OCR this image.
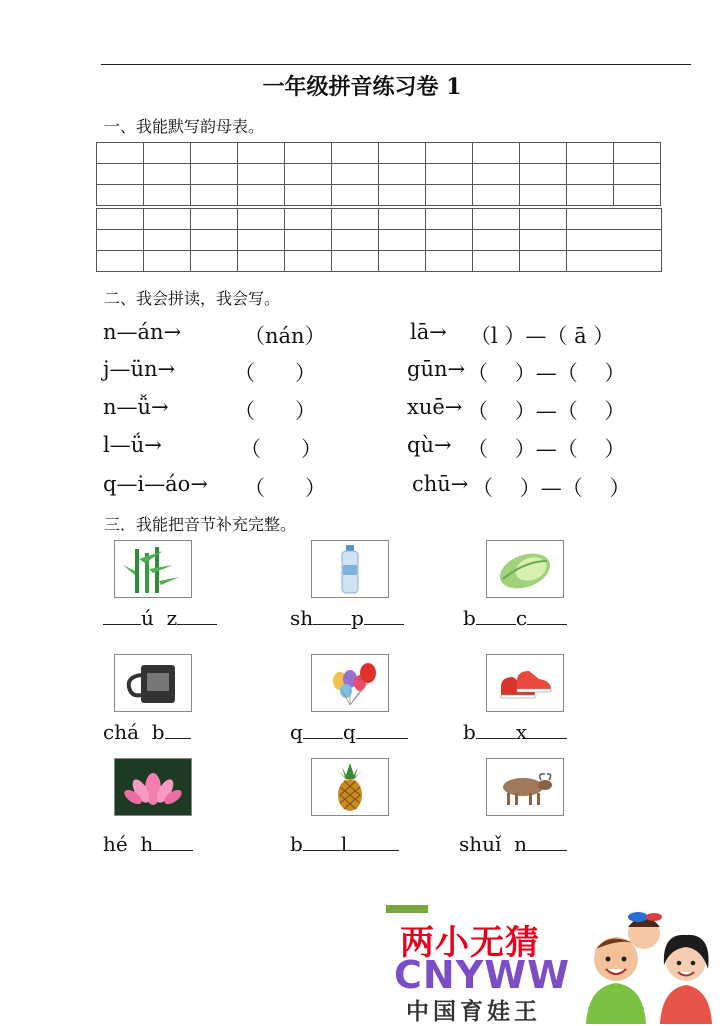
一年级拼音练习卷 1
一、我能默写韵母表。

二、我会拼读，我会写。
n—án→	（nán）	lā→ （l ）—（ ā ）
j—ün→	（      ）	gūn→ （    ）—（    ）
n—ǚ→	（      ）	xuē→ （    ）—（    ）
l—ǘ→	（      ）	qù→ （    ）—（    ）
q—i—áo→ （      ）	chū→ （    ）—（    ）
三．我能把音节补充完整。
ú  z	sh p	b c
chá  b	q q	b x
hé  h	b l	shuǐ  n
两小无猜
CNYWW
中国育娃王
